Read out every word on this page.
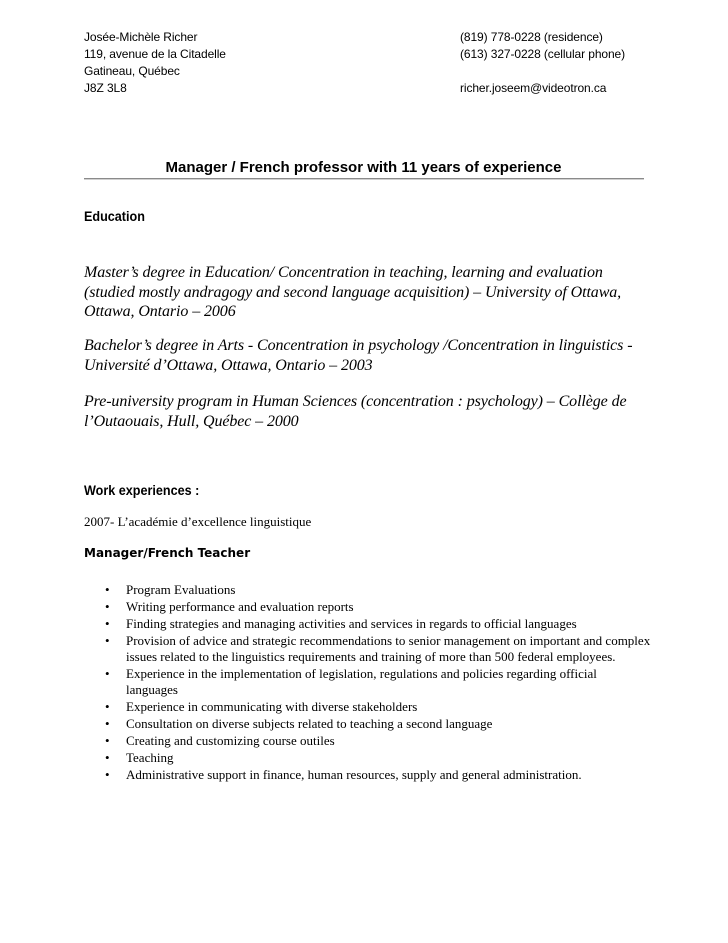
Josée-Michèle Richer
119, avenue de la Citadelle
Gatineau, Québec
J8Z 3L8
(819) 778-0228 (residence)
(613) 327-0228 (cellular phone)
richer.joseem@videotron.ca
Manager / French professor with 11 years of experience
Education

Master’s degree in Education/ Concentration in teaching, learning and evaluation (studied mostly andragogy and second language acquisition) – University of Ottawa, Ottawa, Ontario – 2006

Bachelor’s degree in Arts - Concentration in psychology /Concentration in linguistics - Université d’Ottawa, Ottawa, Ontario – 2003

Pre-university program in Human Sciences (concentration : psychology) – Collège de l’Outaouais, Hull, Québec – 2000

Work experiences :
2007- L’académie d’excellence linguistique
Manager/French Teacher
• Program Evaluations
• Writing performance and evaluation reports
• Finding strategies and managing activities and services in regards to official languages
• Provision of advice and strategic recommendations to senior management on important and complex issues related to the linguistics requirements and training of more than 500 federal employees.
• Experience in the implementation of legislation, regulations and policies regarding official languages
• Experience in communicating with diverse stakeholders
• Consultation on diverse subjects related to teaching a second language
• Creating and customizing course outiles
• Teaching
• Administrative support in finance, human resources, supply and general administration.
